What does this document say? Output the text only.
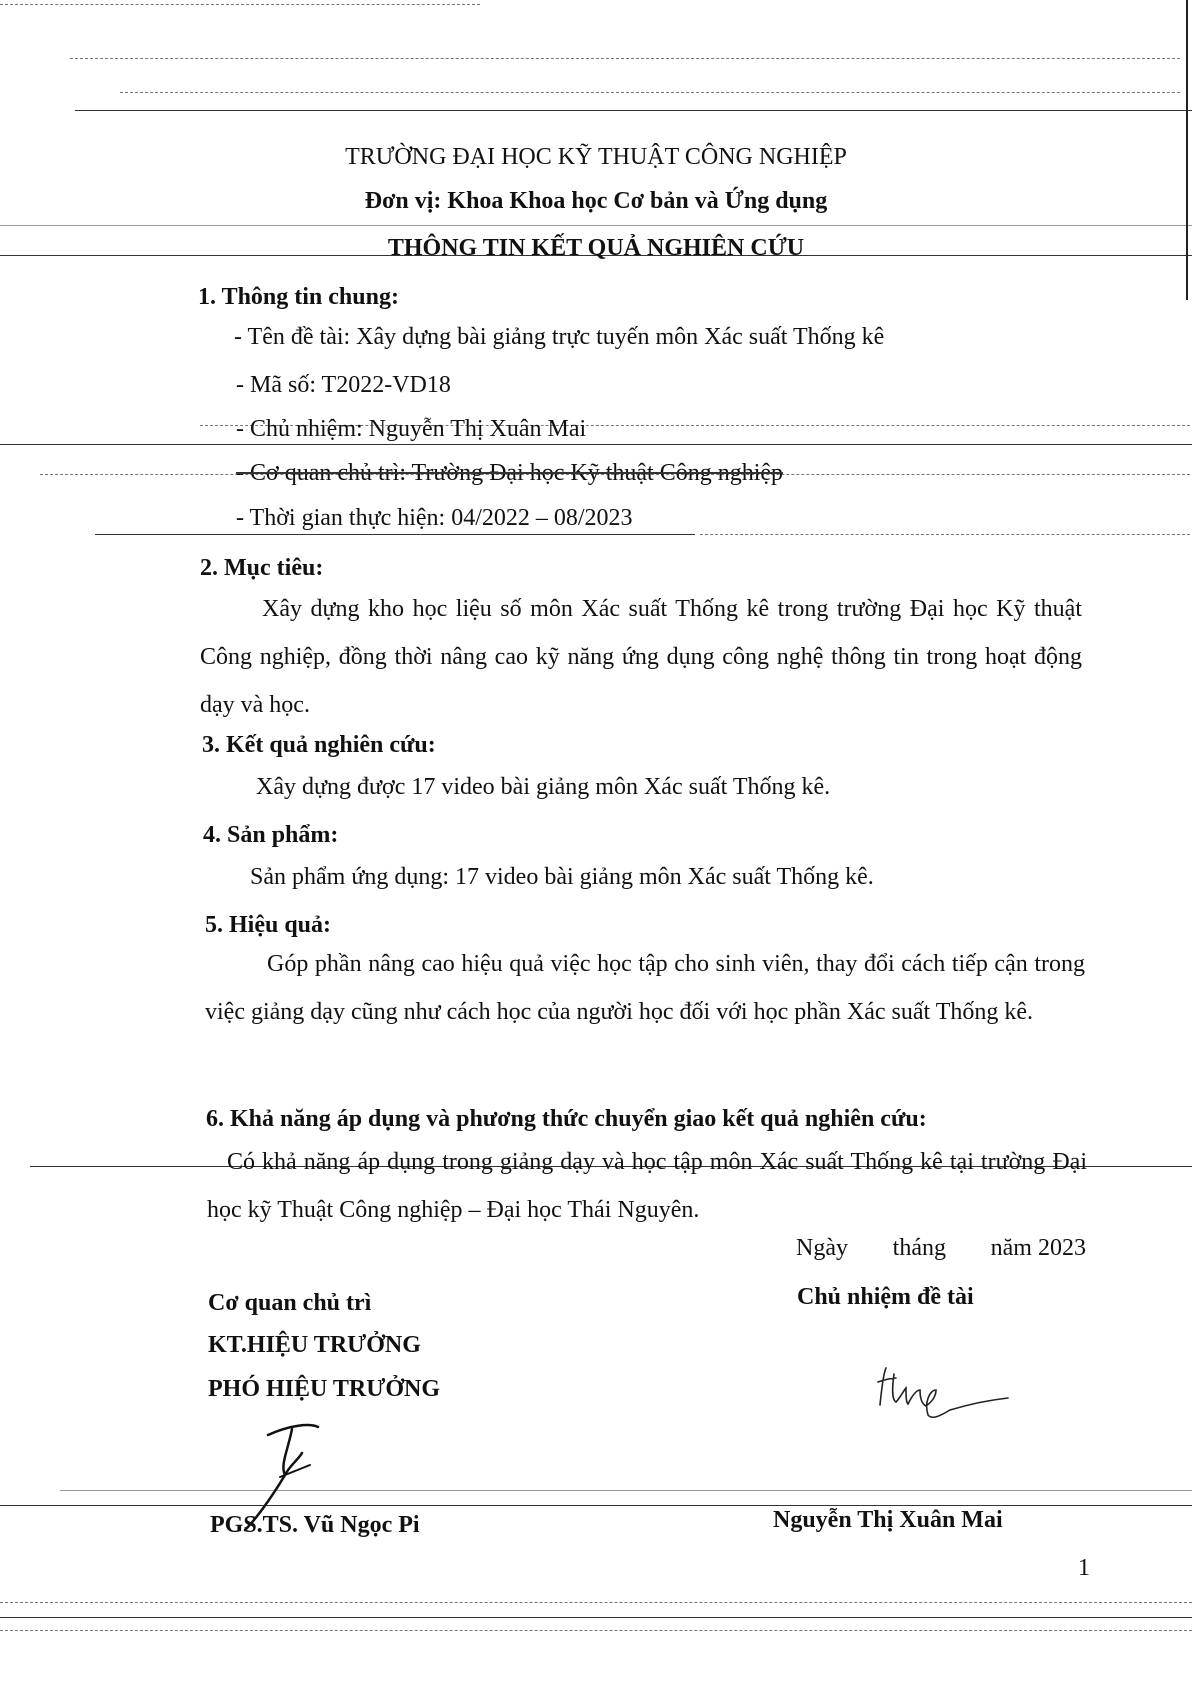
TRƯỜNG ĐẠI HỌC KỸ THUẬT CÔNG NGHIỆP
Đơn vị: Khoa Khoa học Cơ bản và Ứng dụng
THÔNG TIN KẾT QUẢ NGHIÊN CỨU
1. Thông tin chung:
- Tên đề tài: Xây dựng bài giảng trực tuyến môn Xác suất Thống kê
- Mã số: T2022-VD18
- Chủ nhiệm: Nguyễn Thị Xuân Mai
- Cơ quan chủ trì: Trường Đại học Kỹ thuật Công nghiệp
- Thời gian thực hiện: 04/2022 – 08/2023
2. Mục tiêu:
Xây dựng kho học liệu số môn Xác suất Thống kê trong trường Đại học Kỹ thuật Công nghiệp, đồng thời nâng cao kỹ năng ứng dụng công nghệ thông tin trong hoạt động dạy và học.
3. Kết quả nghiên cứu:
Xây dựng được 17 video bài giảng môn Xác suất Thống kê.
4. Sản phẩm:
Sản phẩm ứng dụng: 17 video bài giảng môn Xác suất Thống kê.
5. Hiệu quả:
Góp phần nâng cao hiệu quả việc học tập cho sinh viên, thay đổi cách tiếp cận trong việc giảng dạy cũng như cách học của người học đối với học phần Xác suất Thống kê.
6. Khả năng áp dụng và phương thức chuyển giao kết quả nghiên cứu:
Có khả năng áp dụng trong giảng dạy và học tập môn Xác suất Thống kê tại trường Đại học kỹ Thuật Công nghiệp – Đại học Thái Nguyên.
Ngày tháng năm 2023
Cơ quan chủ trì
KT.HIỆU TRƯỞNG
PHÓ HIỆU TRƯỞNG
PGS.TS. Vũ Ngọc Pi
Chủ nhiệm đề tài
Nguyễn Thị Xuân Mai
1
